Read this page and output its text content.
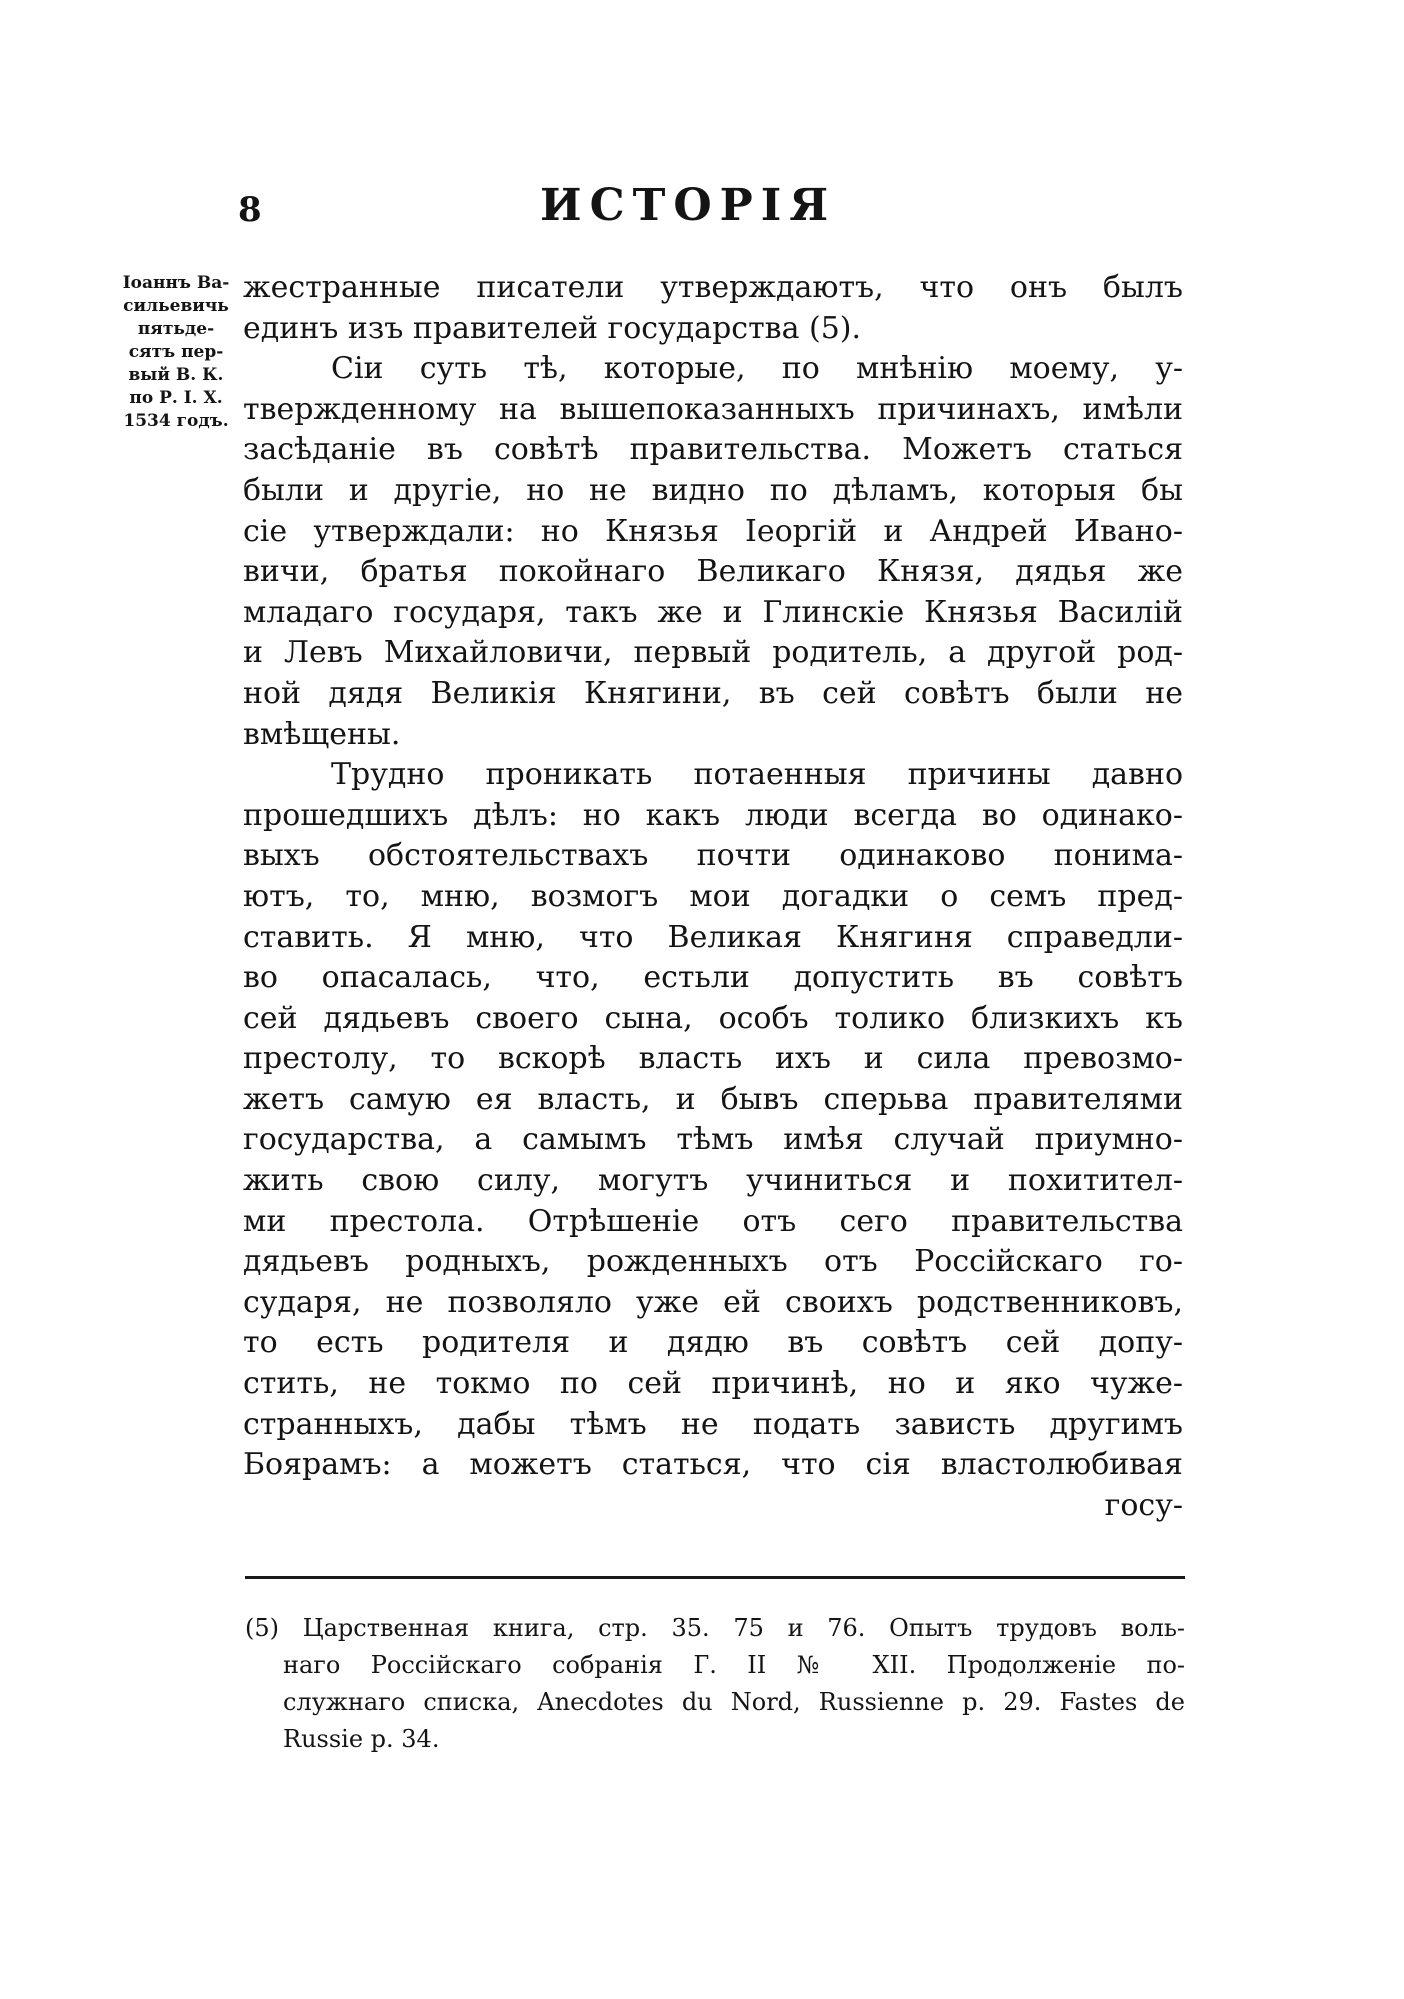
8	ИСТОРІЯ
Іоаннъ Ва-
сильевичь
пятьде-
сятъ пер-
вый В. К.
по Р. І. Х.
1534 годъ.
жестранные писатели утверждаютъ, что онъ былъ
единъ изъ правителей государства (5).
Сіи суть тѣ, которые, по мнѣнію моему, у-
твержденному на вышепоказанныхъ причинахъ, имѣли
засѣданіе въ совѣтѣ правительства. Можетъ статься
были и другіе, но не видно по дѣламъ, которыя бы
сіе утверждали: но Князья Іеоргій и Андрей Ивано-
вичи, братья покойнаго Великаго Князя, дядья же
младаго государя, такъ же и Глинскіе Князья Василій
и Левъ Михайловичи, первый родитель, а другой род-
ной дядя Великія Княгини, въ сей совѣтъ были не
вмѣщены.
Трудно проникать потаенныя причины давно
прошедшихъ дѣлъ: но какъ люди всегда во одинако-
выхъ обстоятельствахъ почти одинаково понима-
ютъ, то, мню, возмогъ мои догадки о семъ пред-
ставить. Я мню, что Великая Княгиня справедли-
во опасалась, что, естьли допустить въ совѣтъ
сей дядьевъ своего сына, особъ толико близкихъ къ
престолу, то вскорѣ власть ихъ и сила превозмо-
жетъ самую ея власть, и бывъ сперьва правителями
государства, а самымъ тѣмъ имѣя случай приумно-
жить свою силу, могутъ учиниться и похитител-
ми престола. Отрѣшеніе отъ сего правительства
дядьевъ родныхъ, рожденныхъ отъ Россійскаго го-
сударя, не позволяло уже ей своихъ родственниковъ,
то есть родителя и дядю въ совѣтъ сей допу-
стить, не токмо по сей причинѣ, но и яко чуже-
странныхъ, дабы тѣмъ не подать зависть другимъ
Боярамъ: а можетъ статься, что сія властолюбивая
госу-
(5) Царственная книга, стр. 35. 75 и 76. Опытъ трудовъ воль-
наго Россійскаго собранія Г. II № XII. Продолженіе по-
служнаго списка, Anecdotes du Nord, Russienne p. 29. Fastes de
Russie p. 34.
